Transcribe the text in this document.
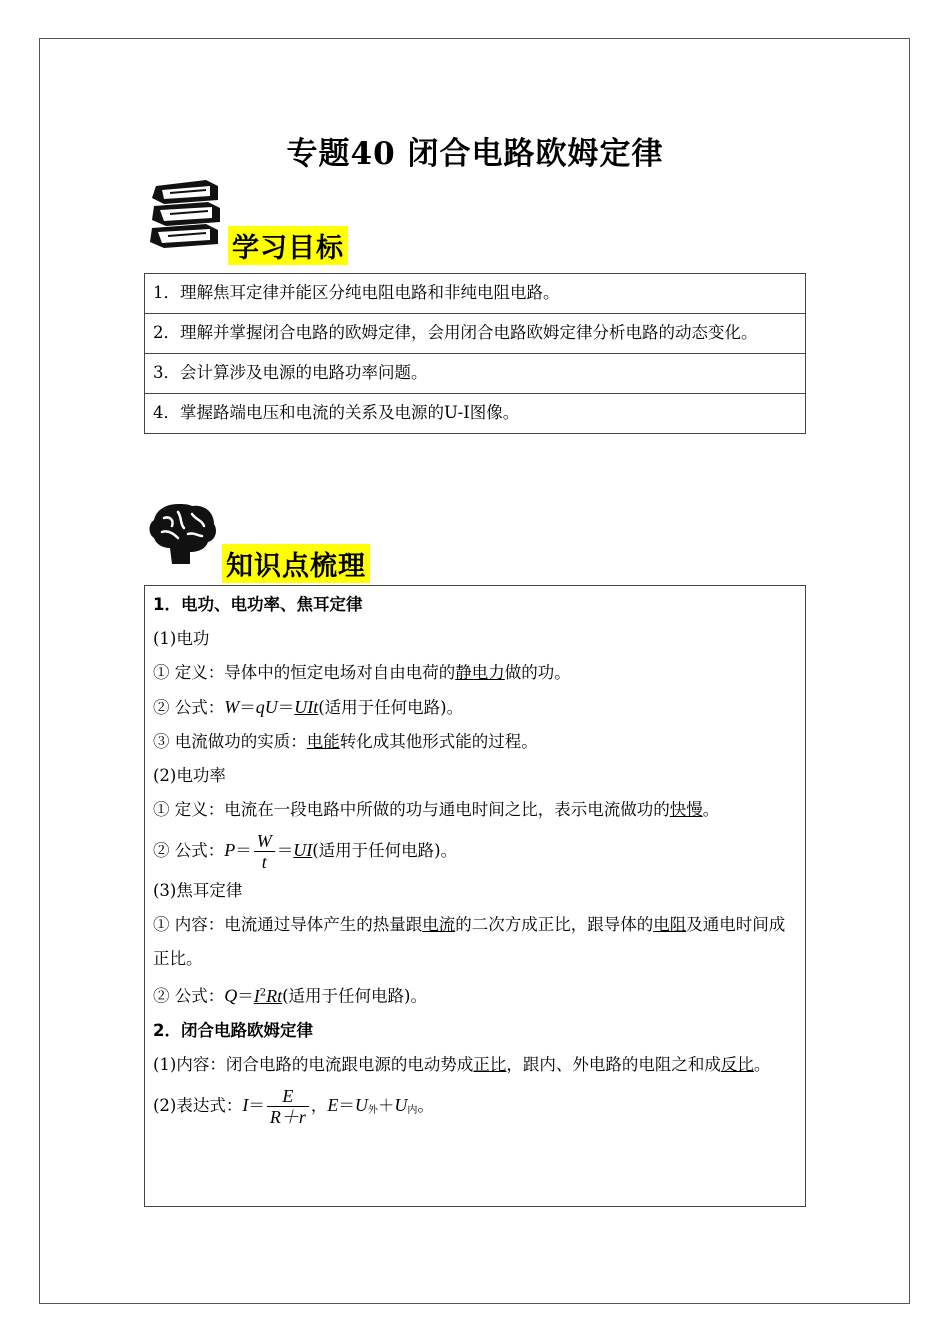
专题40 闭合电路欧姆定律
学习目标
1．理解焦耳定律并能区分纯电阻电路和非纯电阻电路。
2．理解并掌握闭合电路的欧姆定律，会用闭合电路欧姆定律分析电路的动态变化。
3．会计算涉及电源的电路功率问题。
4．掌握路端电压和电流的关系及电源的U-I图像。
知识点梳理

1．电功、电功率、焦耳定律

(1)电功

① 定义：导体中的恒定电场对自由电荷的静电力做的功。

② 公式：W＝qU＝UIt(适用于任何电路)。

③ 电流做功的实质：电能转化成其他形式能的过程。

(2)电功率

① 定义：电流在一段电路中所做的功与通电时间之比，表示电流做功的快慢。

② 公式：$P= \frac{W}{t} =UI$(适用于任何电路)。

(3)焦耳定律

① 内容：电流通过导体产生的热量跟电流的二次方成正比，跟导体的电阻及通电时间成正比。

② 公式：$Q=I^2Rt$(适用于任何电路)。

2．闭合电路欧姆定律

(1)内容：闭合电路的电流跟电源的电动势成正比，跟内、外电路的电阻之和成反比。

(2)表达式：$I= \frac{E}{R+r}$ ，$E=U_外+U_内$。
